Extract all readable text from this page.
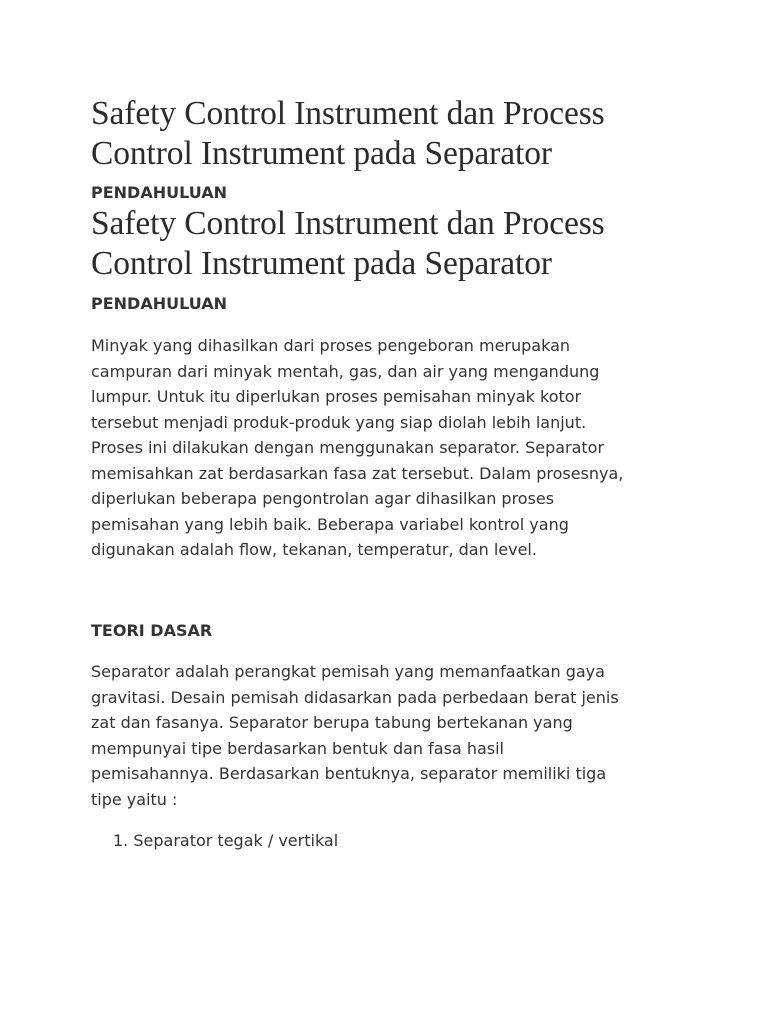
Safety Control Instrument dan Process
Control Instrument pada Separator
PENDAHULUAN
Safety Control Instrument dan Process
Control Instrument pada Separator
PENDAHULUAN

Minyak yang dihasilkan dari proses pengeboran merupakan
campuran dari minyak mentah, gas, dan air yang mengandung
lumpur. Untuk itu diperlukan proses pemisahan minyak kotor
tersebut menjadi produk-produk yang siap diolah lebih lanjut.
Proses ini dilakukan dengan menggunakan separator. Separator
memisahkan zat berdasarkan fasa zat tersebut. Dalam prosesnya,
diperlukan beberapa pengontrolan agar dihasilkan proses
pemisahan yang lebih baik. Beberapa variabel kontrol yang
digunakan adalah flow, tekanan, temperatur, dan level.

TEORI DASAR

Separator adalah perangkat pemisah yang memanfaatkan gaya
gravitasi. Desain pemisah didasarkan pada perbedaan berat jenis
zat dan fasanya. Separator berupa tabung bertekanan yang
mempunyai tipe berdasarkan bentuk dan fasa hasil
pemisahannya. Berdasarkan bentuknya, separator memiliki tiga
tipe yaitu :

1. Separator tegak / vertikal
